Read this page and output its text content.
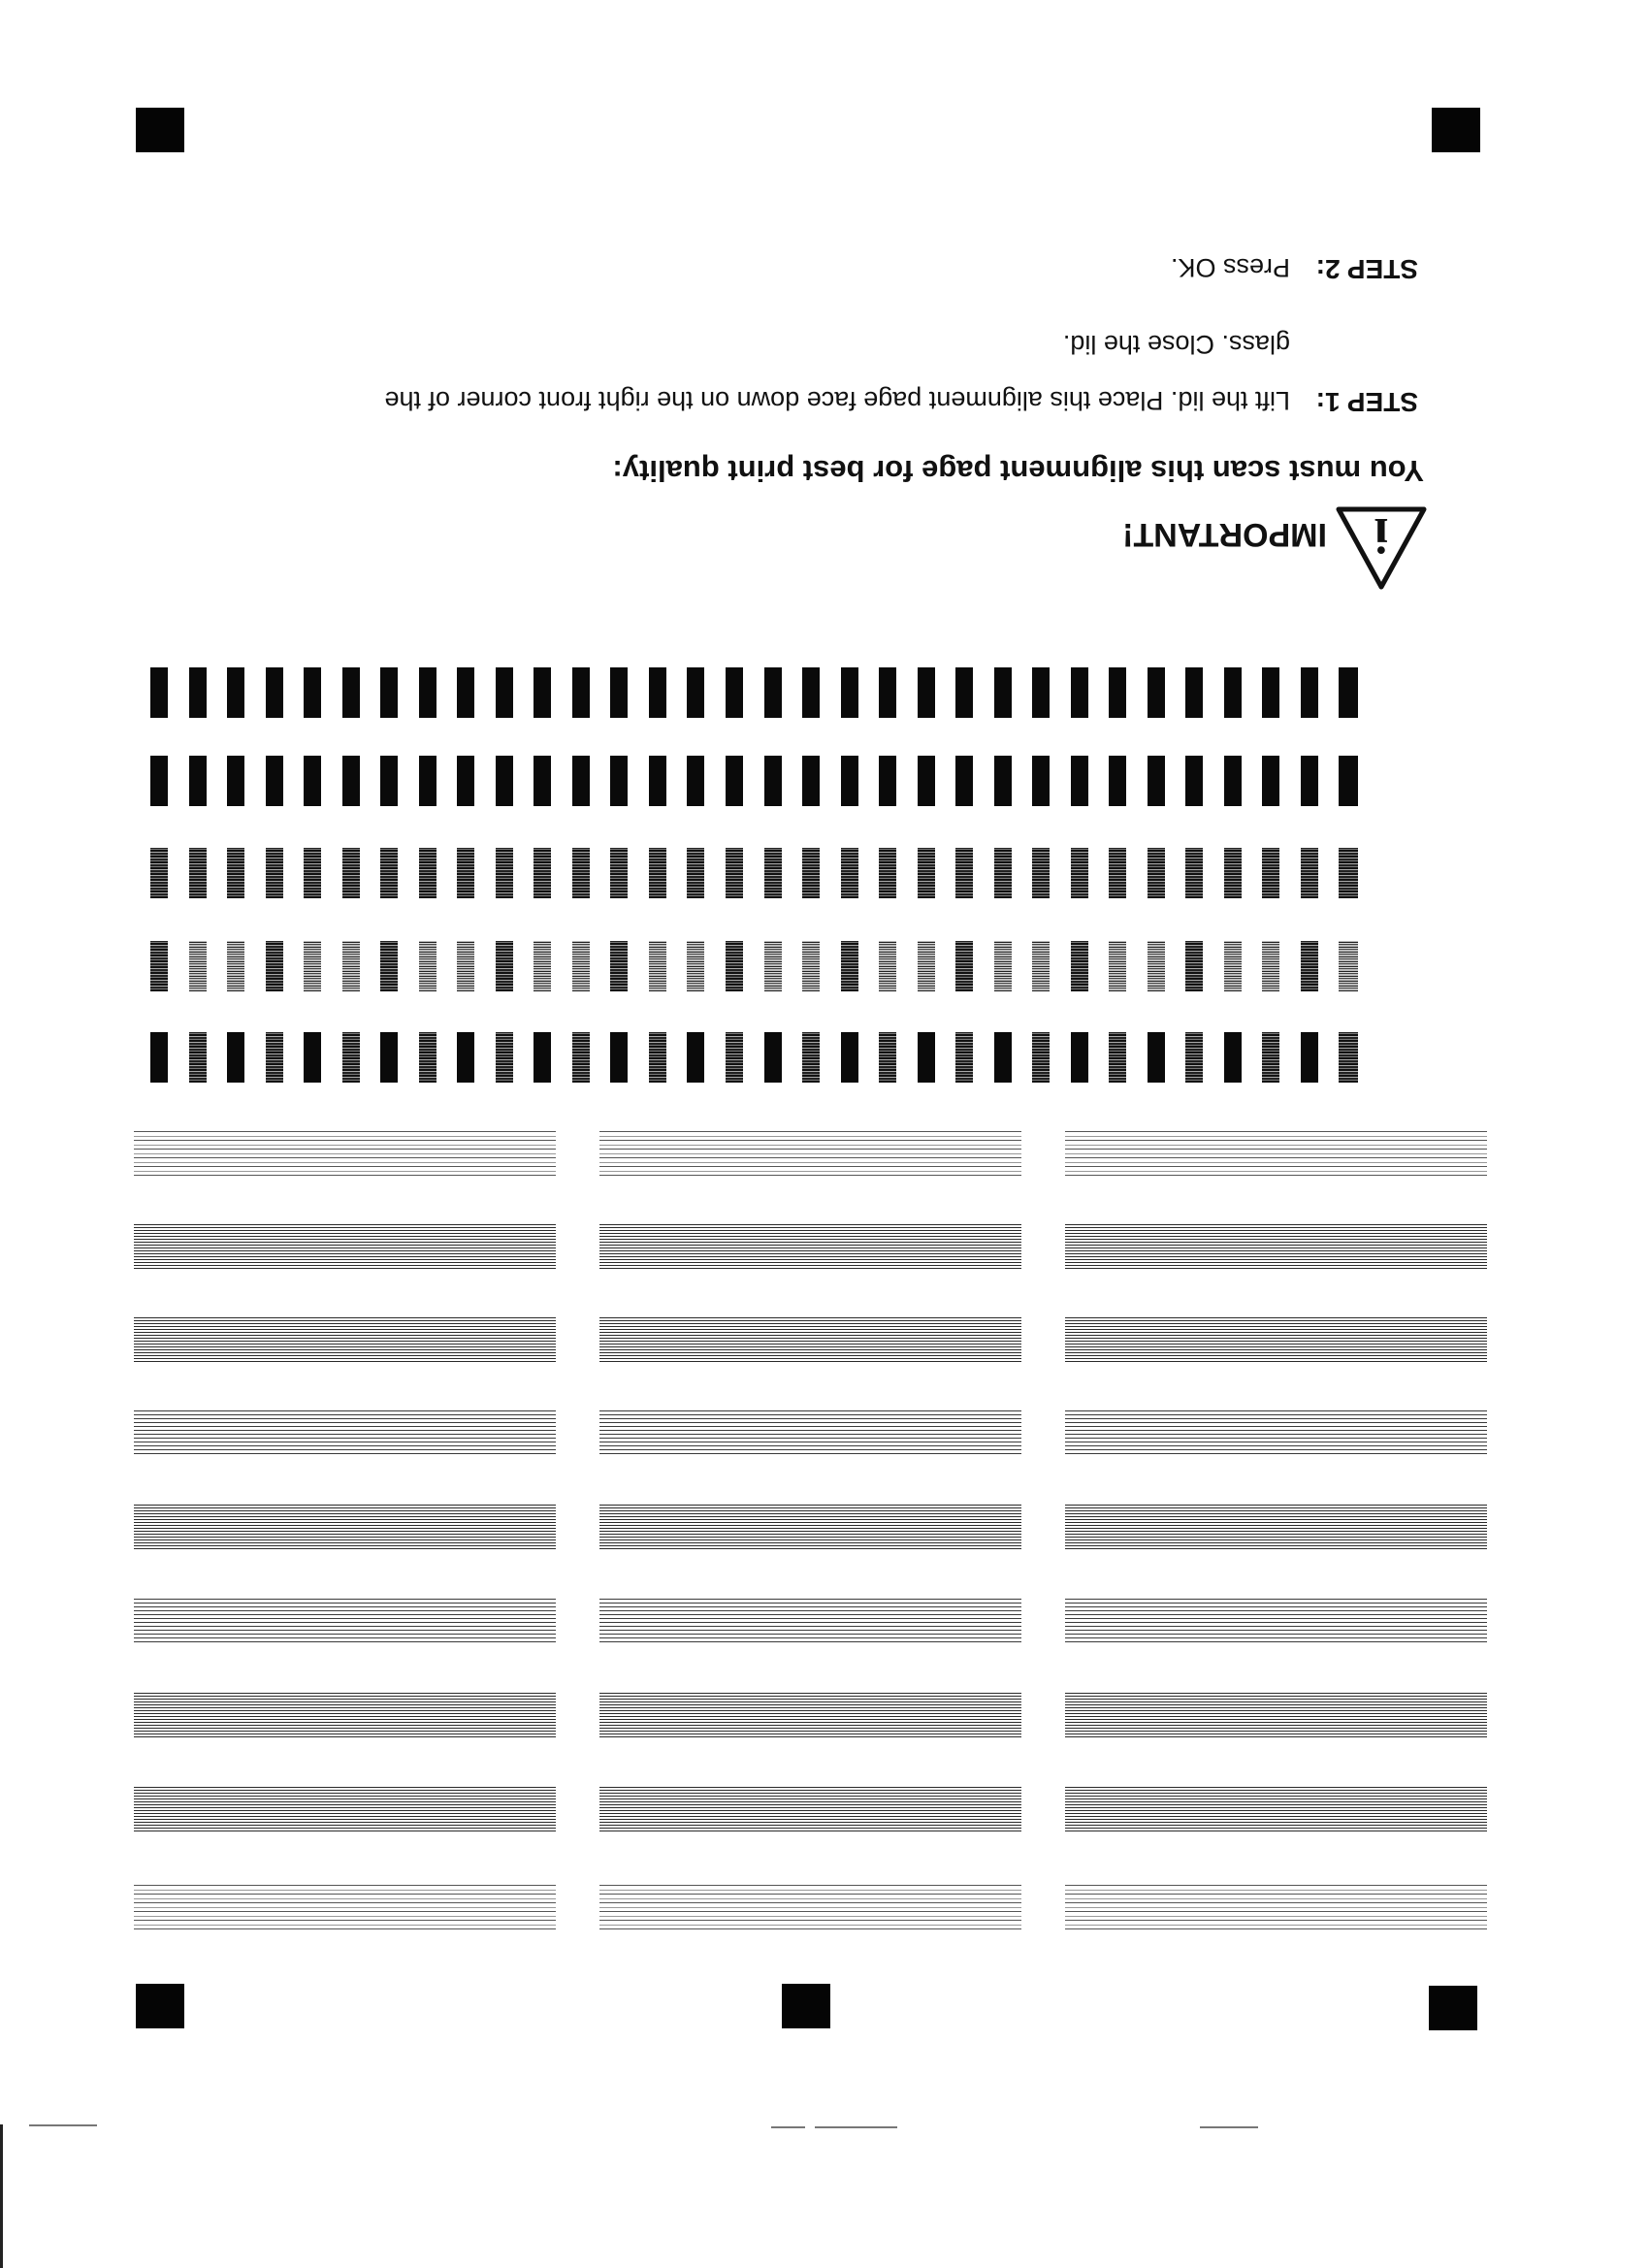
i
IMPORTANT!
You must scan this alignment page for best print quality:
STEP 1:
Lift the lid. Place this alignment page face down on the right front corner of the
glass. Close the lid.
STEP 2:
Press OK.
